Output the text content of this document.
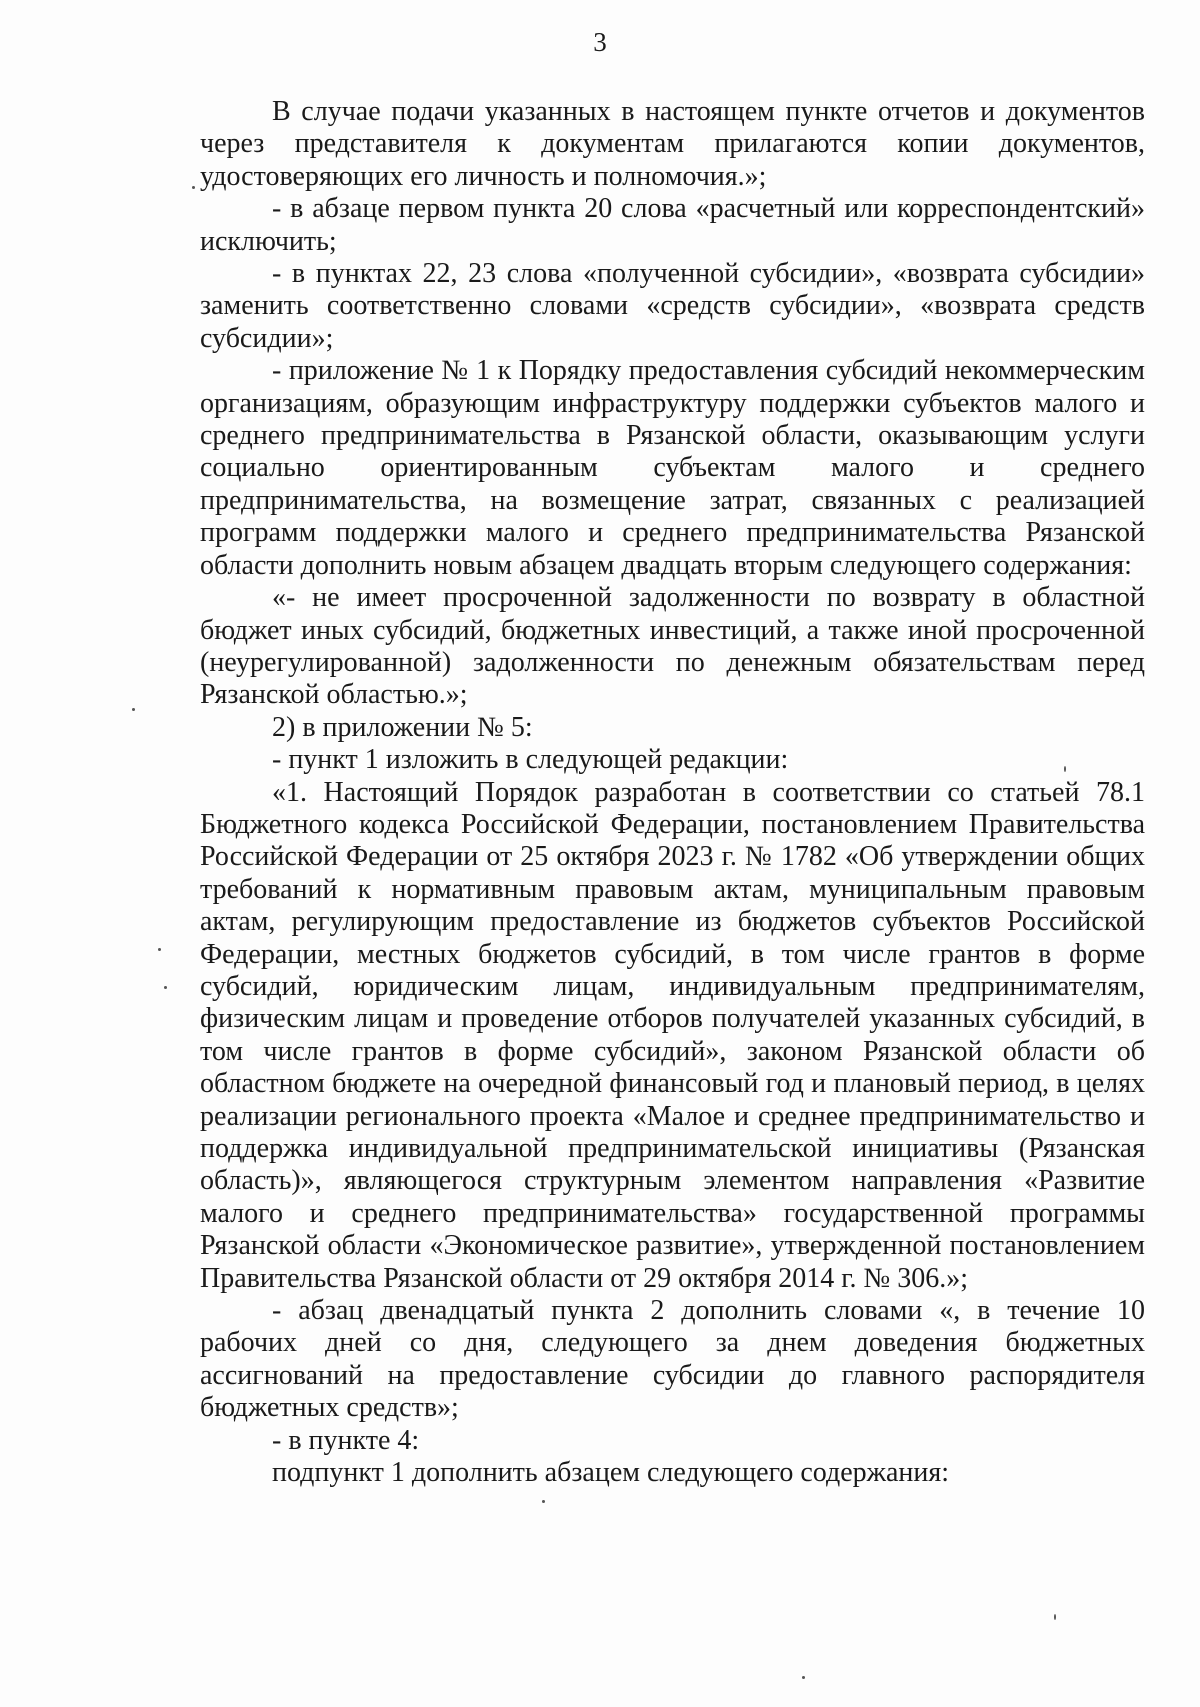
3

В случае подачи указанных в настоящем пункте отчетов и документов через представителя к документам прилагаются копии документов, удостоверяющих его личность и полномочия.»;

- в абзаце первом пункта 20 слова «расчетный или корреспондентский» исключить;

- в пунктах 22, 23 слова «полученной субсидии», «возврата субсидии» заменить соответственно словами «средств субсидии», «возврата средств субсидии»;

- приложение № 1 к Порядку предоставления субсидий некоммерческим организациям, образующим инфраструктуру поддержки субъектов малого и среднего предпринимательства в Рязанской области, оказывающим услуги социально ориентированным субъектам малого и среднего предпринимательства, на возмещение затрат, связанных с реализацией программ поддержки малого и среднего предпринимательства Рязанской области дополнить новым абзацем двадцать вторым следующего содержания:

«- не имеет просроченной задолженности по возврату в областной бюджет иных субсидий, бюджетных инвестиций, а также иной просроченной (неурегулированной) задолженности по денежным обязательствам перед Рязанской областью.»;

2) в приложении № 5:

- пункт 1 изложить в следующей редакции:

«1. Настоящий Порядок разработан в соответствии со статьей 78.1 Бюджетного кодекса Российской Федерации, постановлением Правительства Российской Федерации от 25 октября 2023 г. № 1782 «Об утверждении общих требований к нормативным правовым актам, муниципальным правовым актам, регулирующим предоставление из бюджетов субъектов Российской Федерации, местных бюджетов субсидий, в том числе грантов в форме субсидий, юридическим лицам, индивидуальным предпринимателям, физическим лицам и проведение отборов получателей указанных субсидий, в том числе грантов в форме субсидий», законом Рязанской области об областном бюджете на очередной финансовый год и плановый период, в целях реализации регионального проекта «Малое и среднее предпринимательство и поддержка индивидуальной предпринимательской инициативы (Рязанская область)», являющегося структурным элементом направления «Развитие малого и среднего предпринимательства» государственной программы Рязанской области «Экономическое развитие», утвержденной постановлением Правительства Рязанской области от 29 октября 2014 г. № 306.»;

- абзац двенадцатый пункта 2 дополнить словами «, в течение 10 рабочих дней со дня, следующего за днем доведения бюджетных ассигнований на предоставление субсидии до главного распорядителя бюджетных средств»;

- в пункте 4:

подпункт 1 дополнить абзацем следующего содержания:
